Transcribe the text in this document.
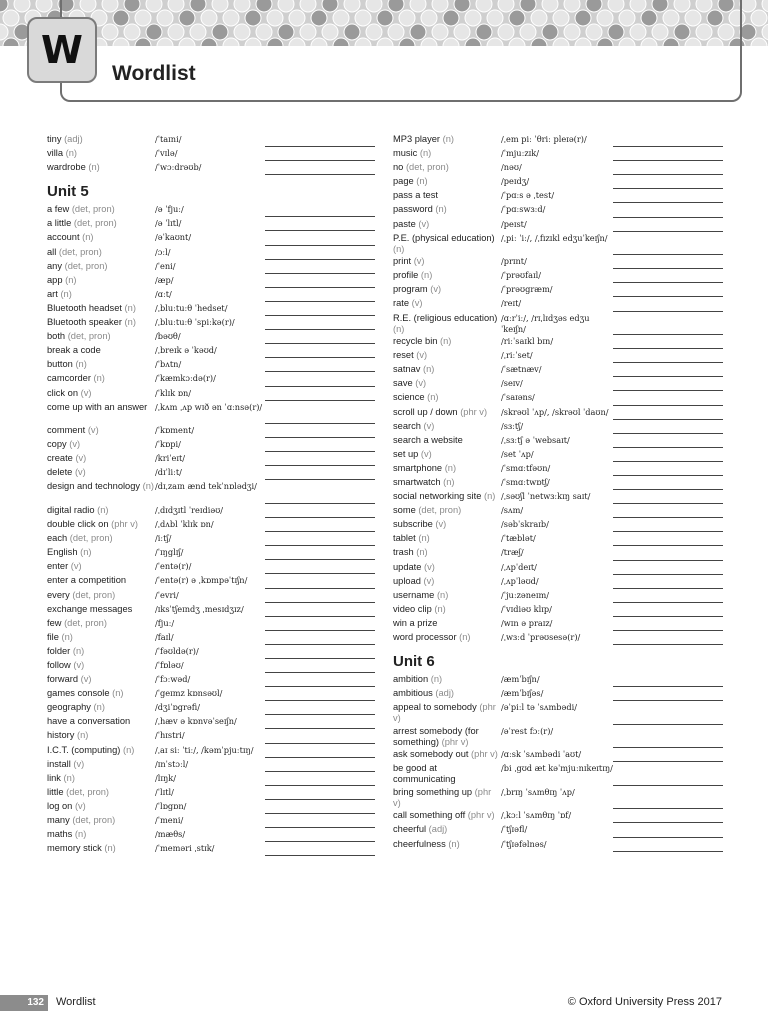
W
Wordlist
tiny (adj)	/ˈtaɪni/
villa (n)	/ˈvɪlə/
wardrobe (n)	/ˈwɔːdrəʊb/
Unit 5
a few (det, pron)	/ə ˈfjuː/
a little (det, pron)	/ə ˈlɪtl/
account (n)	/əˈkaʊnt/
all (det, pron)	/ɔːl/
any (det, pron)	/ˈeni/
app (n)	/æp/
art (n)	/ɑːt/
Bluetooth headset (n)	/ˌbluːtuːθ ˈhedset/
Bluetooth speaker (n)	/ˌbluːtuːθ ˈspiːkə(r)/
both (det, pron)	/bəʊθ/
break a code	/ˌbreɪk ə ˈkəʊd/
button (n)	/ˈbʌtn/
camcorder (n)	/ˈkæmkɔːdə(r)/
click on (v)	/ˈklɪk ɒn/
come up with an answer /ˌkʌm ˌʌp wɪð ən ˈɑːnsə(r)/
comment (v)	/ˈkɒment/
copy (v)	/ˈkɒpi/
create (v)	/kriˈeɪt/
delete (v)	/dɪˈliːt/
design and technology (n) /dɪˌzaɪn ænd tekˈnɒlədʒi/
digital radio (n)	/ˌdɪdʒɪtl ˈreɪdiəʊ/
double click on (phr v)	/ˌdʌbl ˈklɪk ɒn/
each (det, pron)	/iːtʃ/
English (n)	/ˈɪŋglɪʃ/
enter (v)	/ˈentə(r)/
enter a competition	/ˈentə(r) ə ˌkɒmpəˈtɪʃn/
every (det, pron)	/ˈevri/
exchange messages	/ɪksˈtʃeɪndʒ ˌmesɪdʒɪz/
few (det, pron)	/fjuː/
file (n)	/faɪl/
folder (n)	/ˈfəʊldə(r)/
follow (v)	/ˈfɒləʊ/
forward (v)	/ˈfɔːwəd/
games console (n)	/ˈgeɪmz kɒnsəʊl/
geography (n)	/dʒiˈɒgrəfi/
have a conversation	/ˌhæv ə kɒnvəˈseɪʃn/
history (n)	/ˈhɪstri/
I.C.T. (computing) (n)	/ˌaɪ siː ˈtiː/, /kəmˈpjuːtɪŋ/
install (v)	/ɪnˈstɔːl/
link (n)	/lɪŋk/
little (det, pron)	/ˈlɪtl/
log on (v)	/ˈlɒgɒn/
many (det, pron)	/ˈmeni/
maths (n)	/mæθs/
memory stick (n)	/ˈmeməri ˌstɪk/
MP3 player (n)	/ˌem piː ˈθriː pleɪə(r)/
music (n)	/ˈmjuːzɪk/
no (det, pron)	/nəʊ/
page (n)	/peɪdʒ/
pass a test	/ˈpɑːs ə ˌtest/
password (n)	/ˈpɑːswɜːd/
paste (v)	/peɪst/
P.E. (physical education) (n)
/ˌpiː ˈiː/, /ˌfɪzɪkl edʒuˈkeɪʃn/
print (v)	/prɪnt/
profile (n)	/ˈprəʊfaɪl/
program (v)	/ˈprəʊgræm/
rate (v)	/reɪt/
R.E. (religious education) (n)
/ɑːrˈiː/, /rɪˌlɪdʒəs edʒuˈkeɪʃn/
recycle bin (n)	/riːˈsaɪkl bɪn/
reset (v)	/ˌriːˈset/
satnav (n)	/ˈsætnæv/
save (v)	/seɪv/
science (n)	/ˈsaɪəns/
scroll up / down (phr v)	/skrəʊl ˈʌp/, /skrəʊl ˈdaʊn/
search (v)	/sɜːtʃ/
search a website	/ˌsɜːtʃ ə ˈwebsaɪt/
set up (v)	/set ˈʌp/
smartphone (n)	/ˈsmɑːtfəʊn/
smartwatch (n)	/ˈsmɑːtwɒtʃ/
social networking site (n) /ˌsəʊʃl ˈnetwɜːkɪŋ saɪt/
some (det, pron)	/sʌm/
subscribe (v)	/səbˈskraɪb/
tablet (n)	/ˈtæblət/
trash (n)	/træʃ/
update (v)	/ˌʌpˈdeɪt/
upload (v)	/ˌʌpˈləʊd/
username (n)	/ˈjuːzəneɪm/
video clip (n)	/ˈvɪdiəʊ klɪp/
win a prize	/wɪn ə praɪz/
word processor (n)	/ˌwɜːd ˈprəʊsesə(r)/
Unit 6
ambition (n)	/æmˈbɪʃn/
ambitious (adj)	/æmˈbɪʃəs/
appeal to somebody (phr v)
/əˈpiːl tə ˈsʌmbədi/
arrest somebody (for something) (phr v)
/əˈrest fɔː(r)/
ask somebody out (phr v) /ɑːsk ˈsʌmbədi ˈaʊt/
be good at communicating
/bi ˌgʊd æt kəˈmjuːnɪkeɪtɪŋ/
bring something up (phr v)
/ˌbrɪŋ ˈsʌmθɪŋ ˈʌp/
call something off (phr v) /ˌkɔːl ˈsʌmθɪŋ ˈɒf/
cheerful (adj)	/ˈtʃɪəfl/
cheerfulness (n)	/ˈtʃɪəfəlnəs/
132	Wordlist	© Oxford University Press 2017
